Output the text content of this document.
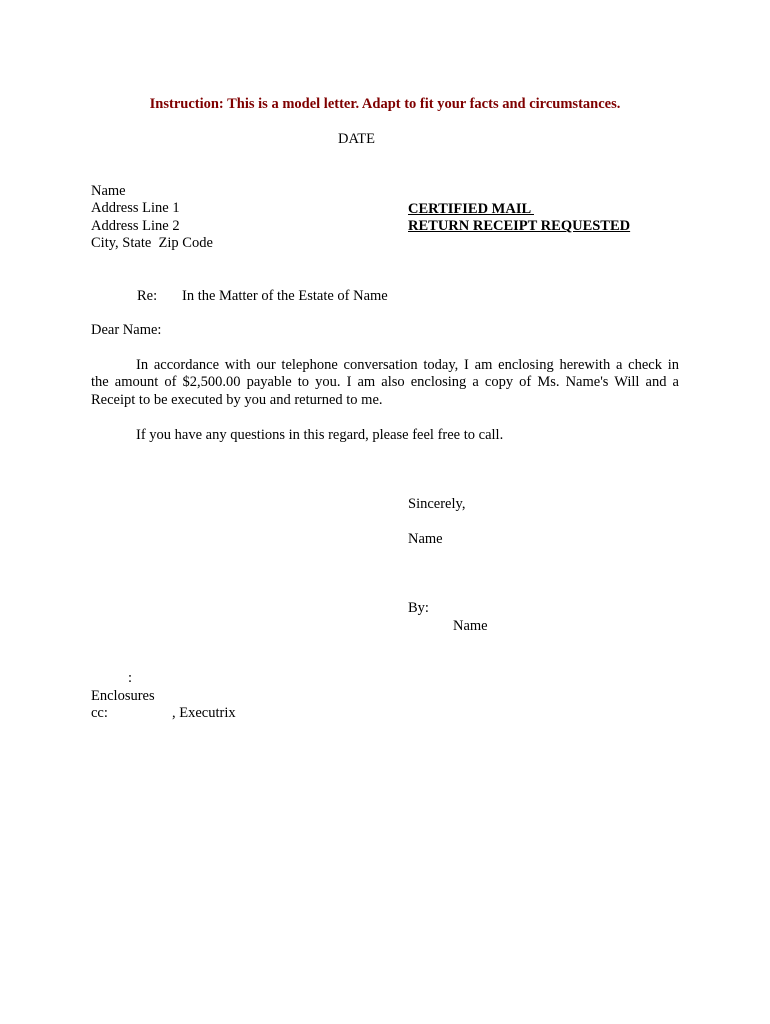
Instruction: This is a model letter. Adapt to fit your facts and circumstances.
DATE
Name
Address Line 1
Address Line 2
City, State  Zip Code
CERTIFIED MAIL
RETURN RECEIPT REQUESTED
Re: In the Matter of the Estate of Name
Dear Name:
In accordance with our telephone conversation today, I am enclosing herewith a check in
the amount of $2,500.00 payable to you. I am also enclosing a copy of Ms. Name's Will and a
Receipt to be executed by you and returned to me.
If you have any questions in this regard, please feel free to call.
Sincerely,
Name
By:
Name
:
Enclosures
cc:	, Executrix
